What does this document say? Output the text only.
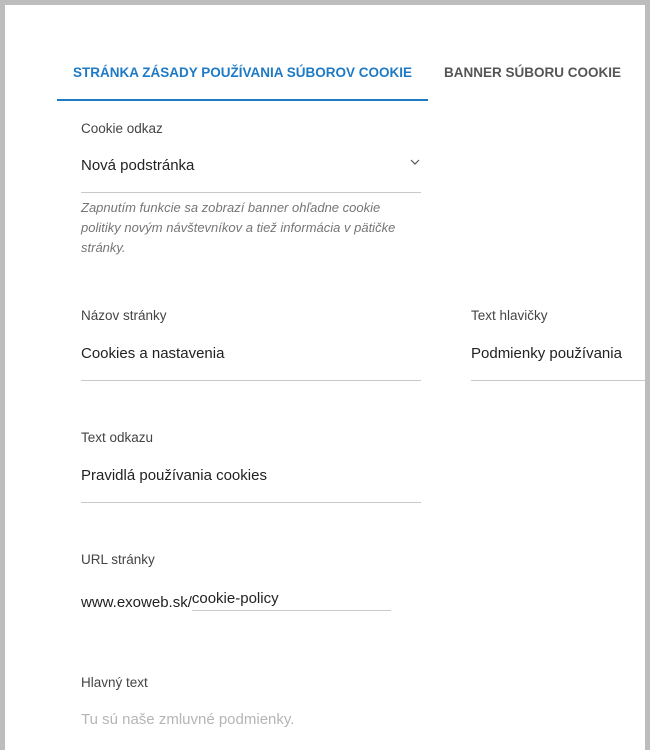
STRÁNKA ZÁSADY POUŽÍVANIA SÚBOROV COOKIE	BANNER SÚBORU COOKIE
Cookie odkaz
Nová podstránka
Zapnutím funkcie sa zobrazí banner ohľadne cookie politiky novým návštevníkov a tiež informácia v pätičke stránky.
Názov stránky
Cookies a nastavenia
Text hlavičky
Podmienky používania
Text odkazu
Pravidlá používania cookies
URL stránky
www.exoweb.sk/ cookie-policy
Hlavný text
Tu sú naše zmluvné podmienky.
